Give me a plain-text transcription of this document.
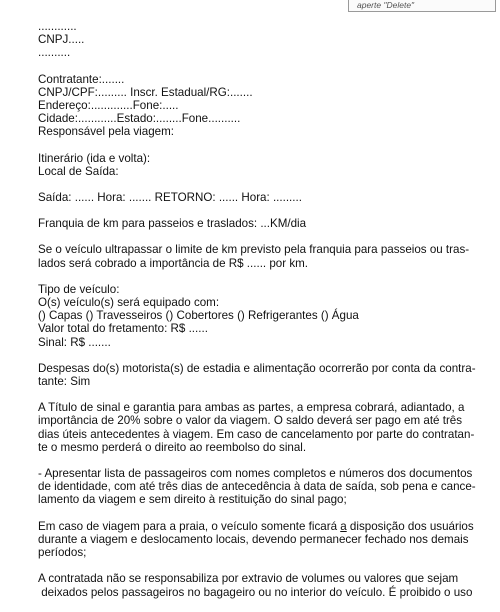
aperte "Delete"
............
CNPJ.....
..........
Contratante:.......
CNPJ/CPF:......... Inscr. Estadual/RG:.......
Endereço:.............Fone:.....
Cidade:............Estado:........Fone..........
Responsável pela viagem:
Itinerário (ida e volta):
Local de Saída:
Saída: ...... Hora: ....... RETORNO: ...... Hora: .........
Franquia de km para passeios e traslados: ...KM/dia
Se o veículo ultrapassar o limite de km previsto pela franquia para passeios ou tras-
lados será cobrado a importância de R$ ...... por km.
Tipo de veículo:
O(s) veículo(s) será equipado com:
() Capas () Travesseiros () Cobertores () Refrigerantes () Água
Valor total do fretamento: R$ ......
Sinal: R$ .......
Despesas do(s) motorista(s) de estadia e alimentação ocorrerão por conta da contra-
tante: Sim
A Título de sinal e garantia para ambas as partes, a empresa cobrará, adiantado, a
importância de 20% sobre o valor da viagem. O saldo deverá ser pago em até três
dias úteis antecedentes à viagem. Em caso de cancelamento por parte do contratan-
te o mesmo perderá o direito ao reembolso do sinal.
- Apresentar lista de passageiros com nomes completos e números dos documentos
de identidade, com até três dias de antecedência à data de saída, sob pena e cance-
lamento da viagem e sem direito à restituição do sinal pago;
Em caso de viagem para a praia, o veículo somente ficará a disposição dos usuários
durante a viagem e deslocamento locais, devendo permanecer fechado nos demais
períodos;
A contratada não se responsabiliza por extravio de volumes ou valores que sejam
deixados pelos passageiros no bagageiro ou no interior do veículo. É proibido o uso
